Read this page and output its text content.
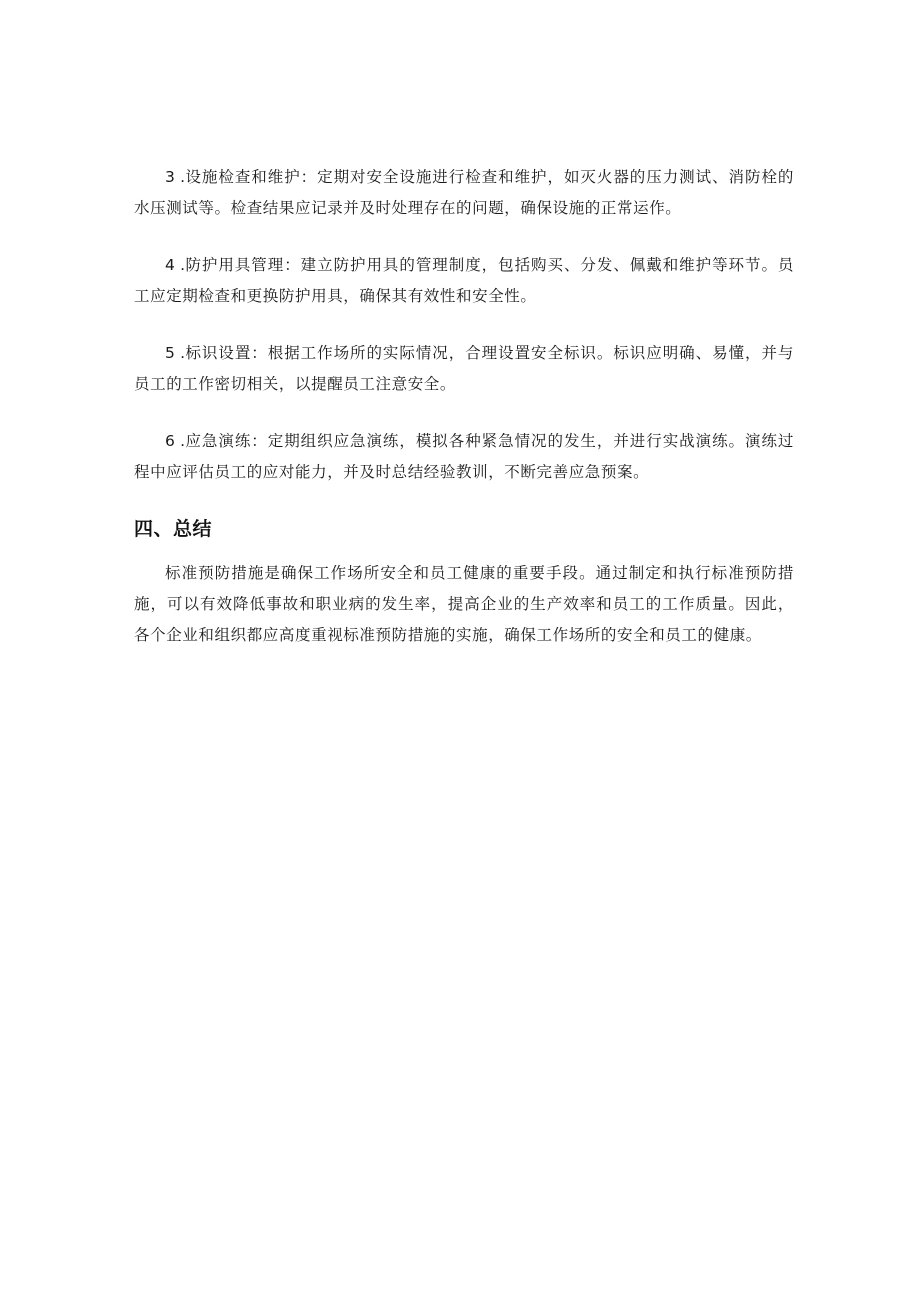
3 .设施检查和维护：定期对安全设施进行检查和维护，如灭火器的压力测试、消防栓的水压测试等。检查结果应记录并及时处理存在的问题，确保设施的正常运作。

4 .防护用具管理：建立防护用具的管理制度，包括购买、分发、佩戴和维护等环节。员工应定期检查和更换防护用具，确保其有效性和安全性。

5 .标识设置：根据工作场所的实际情况，合理设置安全标识。标识应明确、易懂，并与员工的工作密切相关，以提醒员工注意安全。

6 .应急演练：定期组织应急演练，模拟各种紧急情况的发生，并进行实战演练。演练过程中应评估员工的应对能力，并及时总结经验教训，不断完善应急预案。

四、总结

标准预防措施是确保工作场所安全和员工健康的重要手段。通过制定和执行标准预防措施，可以有效降低事故和职业病的发生率，提高企业的生产效率和员工的工作质量。因此，各个企业和组织都应高度重视标准预防措施的实施，确保工作场所的安全和员工的健康。
